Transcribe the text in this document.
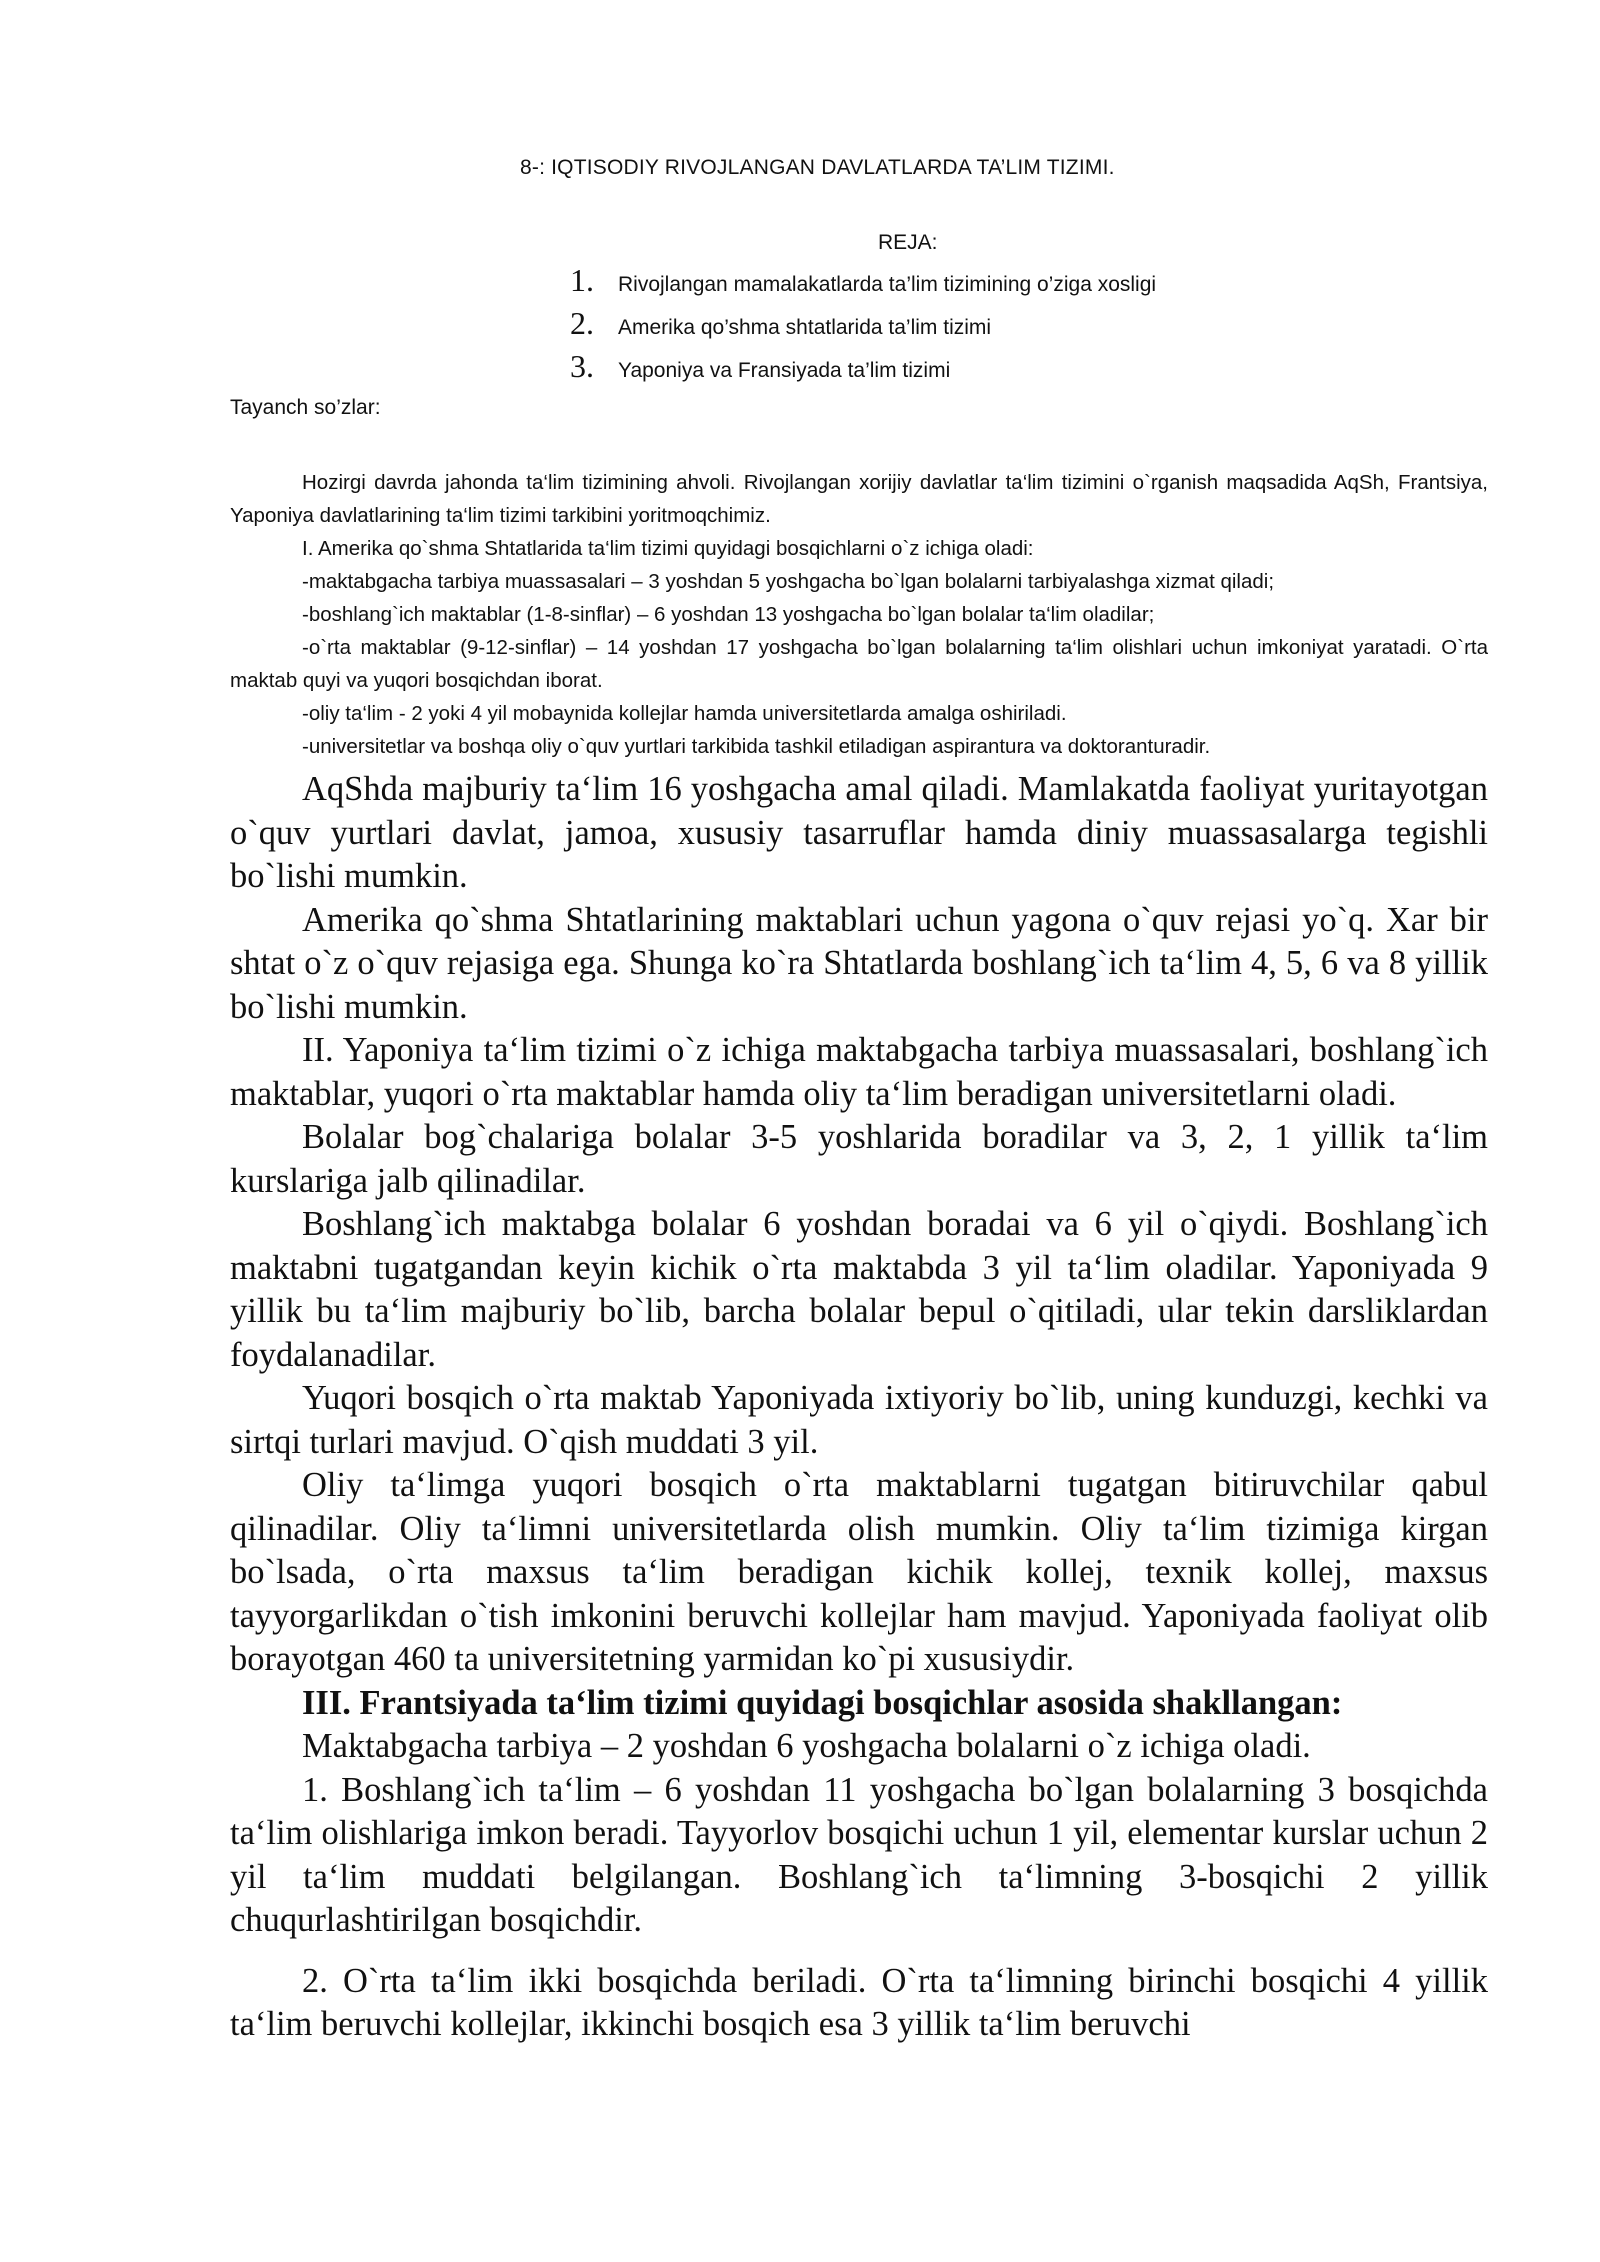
8-: IQTISODIY RIVOJLANGAN DAVLATLARDA TA’LIM TIZIMI.
REJA:
1.	Rivojlangan mamalakatlarda ta’lim tizimining o’ziga xosligi
2.	Amerika qo’shma shtatlarida ta’lim tizimi
3.	Yaponiya va Fransiyada ta’lim tizimi
Tayanch so’zlar:

Hozirgi davrda jahonda ta‘lim tizimining ahvoli. Rivojlangan xorijiy davlatlar ta‘lim tizimini o`rganish maqsadida AqSh, Frantsiya, Yaponiya davlatlarining ta‘lim tizimi tarkibini yoritmoqchimiz.

I. Amerika qo`shma Shtatlarida ta‘lim tizimi quyidagi bosqichlarni o`z ichiga oladi:

-maktabgacha tarbiya muassasalari – 3 yoshdan 5 yoshgacha bo`lgan bolalarni tarbiyalashga xizmat qiladi;

-boshlang`ich maktablar (1-8-sinflar) – 6 yoshdan 13 yoshgacha bo`lgan bolalar ta‘lim oladilar;

-o`rta maktablar (9-12-sinflar) – 14 yoshdan 17 yoshgacha bo`lgan bolalarning ta‘lim olishlari uchun imkoniyat yaratadi. O`rta maktab quyi va yuqori bosqichdan iborat.

-oliy ta‘lim - 2 yoki 4 yil mobaynida kollejlar hamda universitetlarda amalga oshiriladi.

-universitetlar va boshqa oliy o`quv yurtlari tarkibida tashkil etiladigan aspirantura va doktoranturadir.

AqShda majburiy ta‘lim 16 yoshgacha amal qiladi. Mamlakatda faoliyat yuritayotgan o`quv yurtlari davlat, jamoa, xususiy tasarruflar hamda diniy muassasalarga tegishli bo`lishi mumkin.

Amerika qo`shma Shtatlarining maktablari uchun yagona o`quv rejasi yo`q. Xar bir shtat o`z o`quv rejasiga ega. Shunga ko`ra Shtatlarda boshlang`ich ta‘lim 4, 5, 6 va 8 yillik bo`lishi mumkin.

II. Yaponiya ta‘lim tizimi o`z ichiga maktabgacha tarbiya muassasalari, boshlang`ich maktablar, yuqori o`rta maktablar hamda oliy ta‘lim beradigan universitetlarni oladi.

Bolalar bog`chalariga bolalar 3-5 yoshlarida boradilar va 3, 2, 1 yillik ta‘lim kurslariga jalb qilinadilar.

Boshlang`ich maktabga bolalar 6 yoshdan boradai va 6 yil o`qiydi. Boshlang`ich maktabni tugatgandan keyin kichik o`rta maktabda 3 yil ta‘lim oladilar. Yaponiyada 9 yillik bu ta‘lim majburiy bo`lib, barcha bolalar bepul o`qitiladi, ular tekin darsliklardan foydalanadilar.

Yuqori bosqich o`rta maktab Yaponiyada ixtiyoriy bo`lib, uning kunduzgi, kechki va sirtqi turlari mavjud. O`qish muddati 3 yil.

Oliy ta‘limga yuqori bosqich o`rta maktablarni tugatgan bitiruvchilar qabul qilinadilar. Oliy ta‘limni universitetlarda olish mumkin. Oliy ta‘lim tizimiga kirgan bo`lsada, o`rta maxsus ta‘lim beradigan kichik kollej, texnik kollej, maxsus tayyorgarlikdan o`tish imkonini beruvchi kollejlar ham mavjud. Yaponiyada faoliyat olib borayotgan 460 ta universitetning yarmidan ko`pi xususiydir.

III. Frantsiyada ta‘lim tizimi quyidagi bosqichlar asosida shakllangan:

Maktabgacha tarbiya – 2 yoshdan 6 yoshgacha bolalarni o`z ichiga oladi.

1. Boshlang`ich ta‘lim – 6 yoshdan 11 yoshgacha bo`lgan bolalarning 3 bosqichda ta‘lim olishlariga imkon beradi. Tayyorlov bosqichi uchun 1 yil, elementar kurslar uchun 2 yil ta‘lim muddati belgilangan. Boshlang`ich ta‘limning 3-bosqichi 2 yillik chuqurlashtirilgan bosqichdir.

2. O`rta ta‘lim ikki bosqichda beriladi. O`rta ta‘limning birinchi bosqichi 4 yillik ta‘lim beruvchi kollejlar, ikkinchi bosqich esa 3 yillik ta‘lim beruvchi
